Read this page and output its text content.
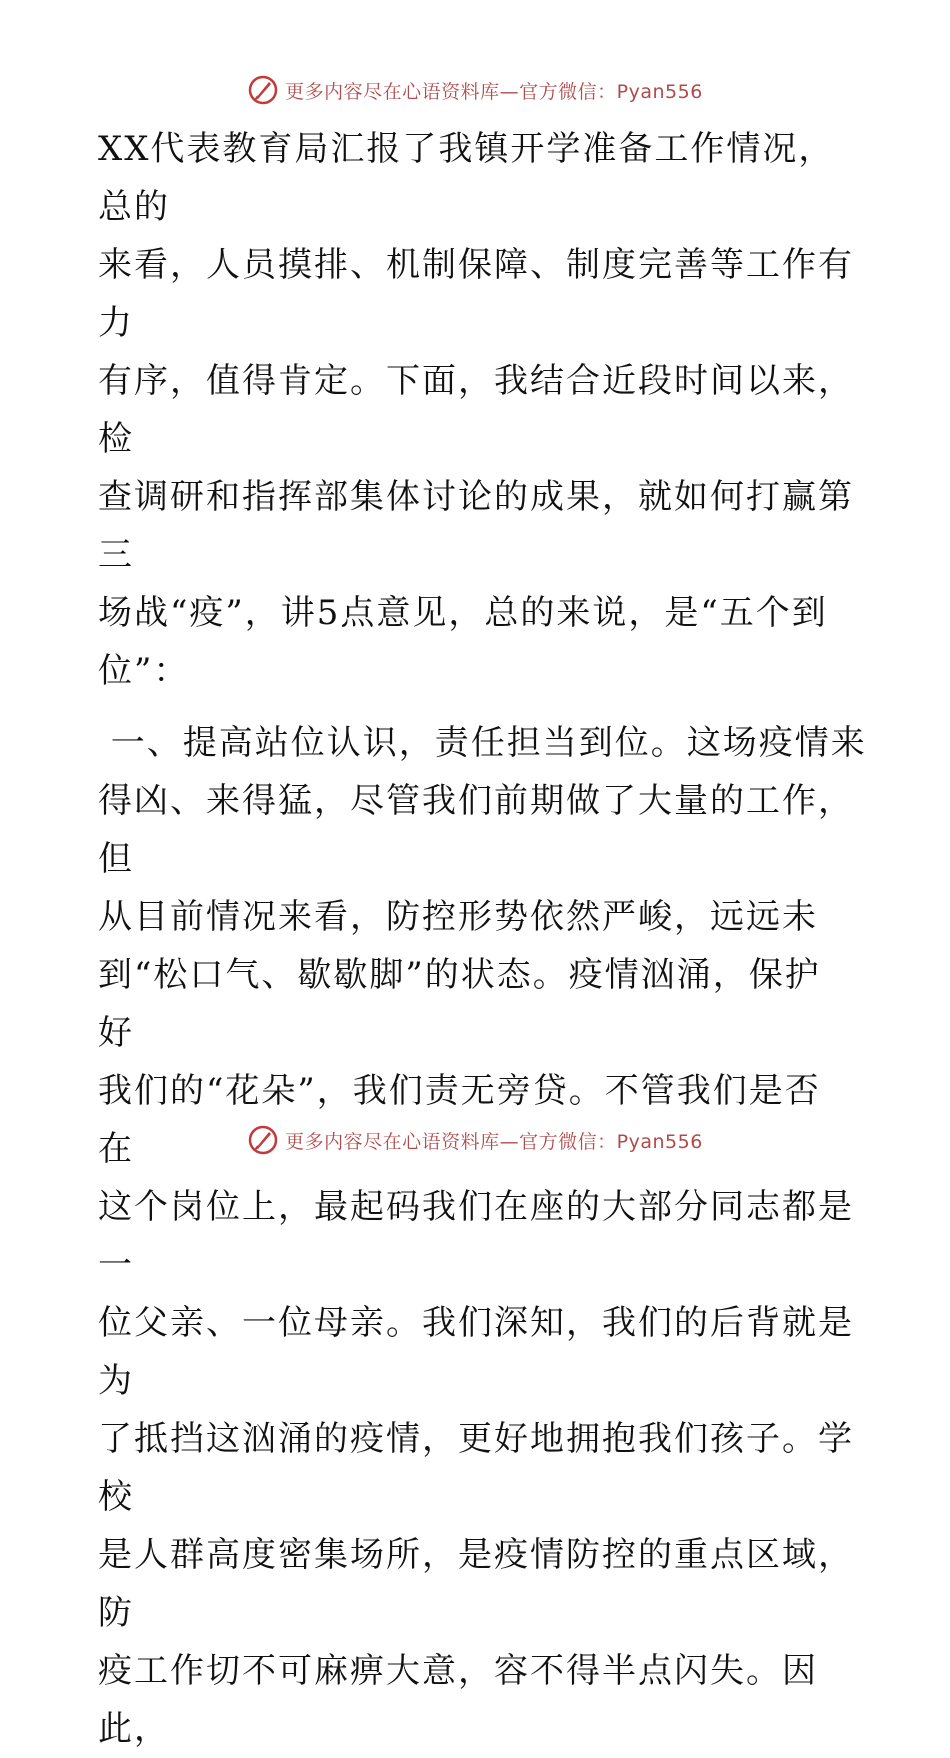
更多内容尽在心语资料库—官方微信：Pyan556

XX代表教育局汇报了我镇开学准备工作情况，总的
来看，人员摸排、机制保障、制度完善等工作有力
有序，值得肯定。下面，我结合近段时间以来，检
查调研和指挥部集体讨论的成果，就如何打赢第三
场战“疫”，讲5点意见，总的来说，是“五个到
位”：

一、提高站位认识，责任担当到位。这场疫情来
得凶、来得猛，尽管我们前期做了大量的工作，但
从目前情况来看，防控形势依然严峻，远远未
到“松口气、歇歇脚”的状态。疫情汹涌，保护好
我们的“花朵”，我们责无旁贷。不管我们是否在
这个岗位上，最起码我们在座的大部分同志都是一
位父亲、一位母亲。我们深知，我们的后背就是为
了抵挡这汹涌的疫情，更好地拥抱我们孩子。学校
是人群高度密集场所，是疫情防控的重点区域，防
疫工作切不可麻痹大意，容不得半点闪失。因此，

更多内容尽在心语资料库—官方微信：Pyan556
